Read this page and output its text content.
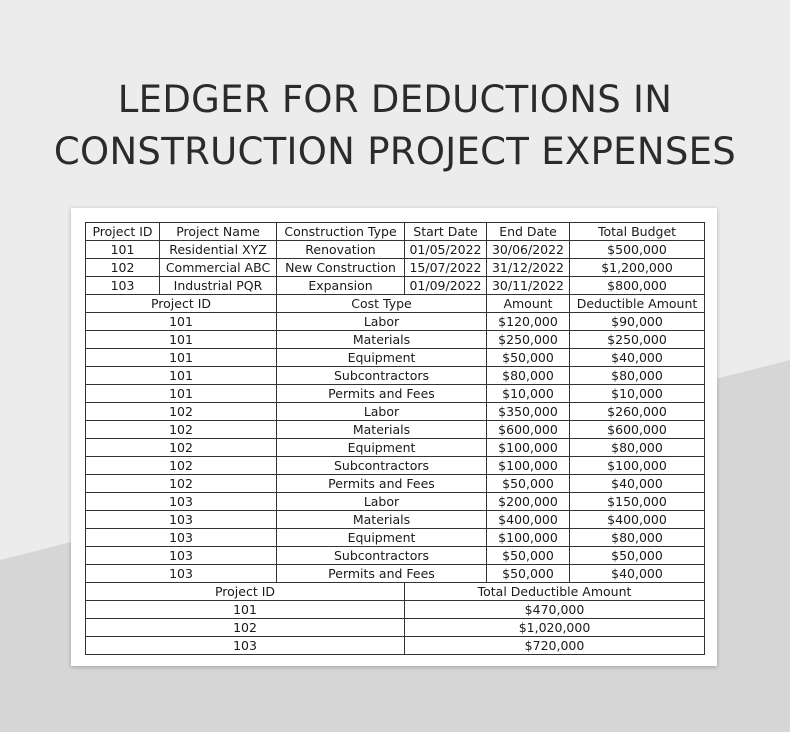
LEDGER FOR DEDUCTIONS IN
CONSTRUCTION PROJECT EXPENSES
Project ID	Project Name	Construction Type	Start Date	End Date	Total Budget
101	Residential XYZ	Renovation	01/05/2022	30/06/2022	$500,000
102	Commercial ABC	New Construction	15/07/2022	31/12/2022	$1,200,000
103	Industrial PQR	Expansion	01/09/2022	30/11/2022	$800,000
Project ID		Cost Type		Amount	Deductible Amount
101		Labor		$120,000	$90,000
101		Materials		$250,000	$250,000
101		Equipment		$50,000	$40,000
101		Subcontractors		$80,000	$80,000
101		Permits and Fees		$10,000	$10,000
102		Labor		$350,000	$260,000
102		Materials		$600,000	$600,000
102		Equipment		$100,000	$80,000
102		Subcontractors		$100,000	$100,000
102		Permits and Fees		$50,000	$40,000
103		Labor		$200,000	$150,000
103		Materials		$400,000	$400,000
103		Equipment		$100,000	$80,000
103		Subcontractors		$50,000	$50,000
103		Permits and Fees		$50,000	$40,000
Project ID			Total Deductible Amount		
101			$470,000		
102			$1,020,000		
103			$720,000		
